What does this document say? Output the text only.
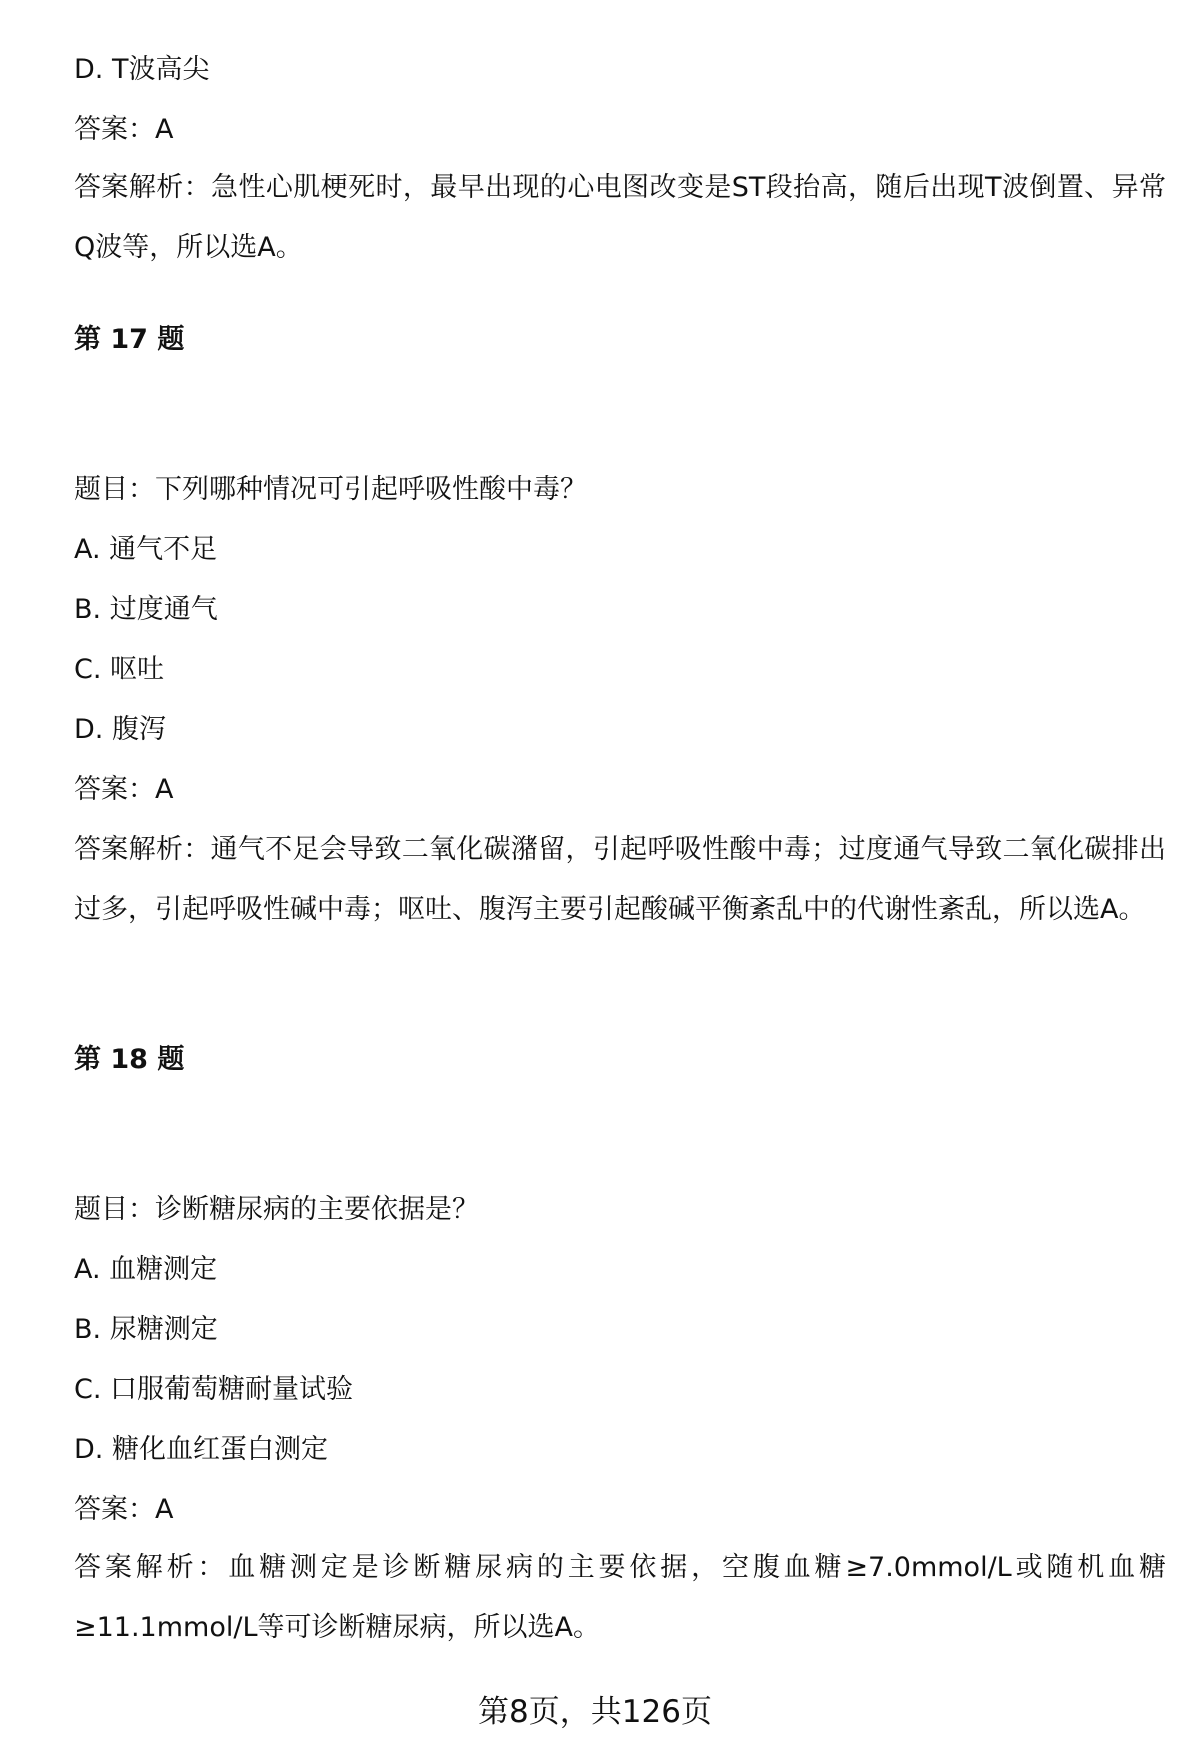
D. T波高尖

答案：A

答案解析：急性心肌梗死时，最早出现的心电图改变是ST段抬高，随后出现T波倒置、异常Q波等，所以选A。

第 17 题

题目：下列哪种情况可引起呼吸性酸中毒？

A. 通气不足

B. 过度通气

C. 呕吐

D. 腹泻

答案：A

答案解析：通气不足会导致二氧化碳潴留，引起呼吸性酸中毒；过度通气导致二氧化碳排出过多，引起呼吸性碱中毒；呕吐、腹泻主要引起酸碱平衡紊乱中的代谢性紊乱，所以选A。

第 18 题

题目：诊断糖尿病的主要依据是？

A. 血糖测定

B. 尿糖测定

C. 口服葡萄糖耐量试验

D. 糖化血红蛋白测定

答案：A

答案解析：血糖测定是诊断糖尿病的主要依据，空腹血糖≥7.0mmol/L或随机血糖≥11.1mmol/L等可诊断糖尿病，所以选A。

第8页，共126页
